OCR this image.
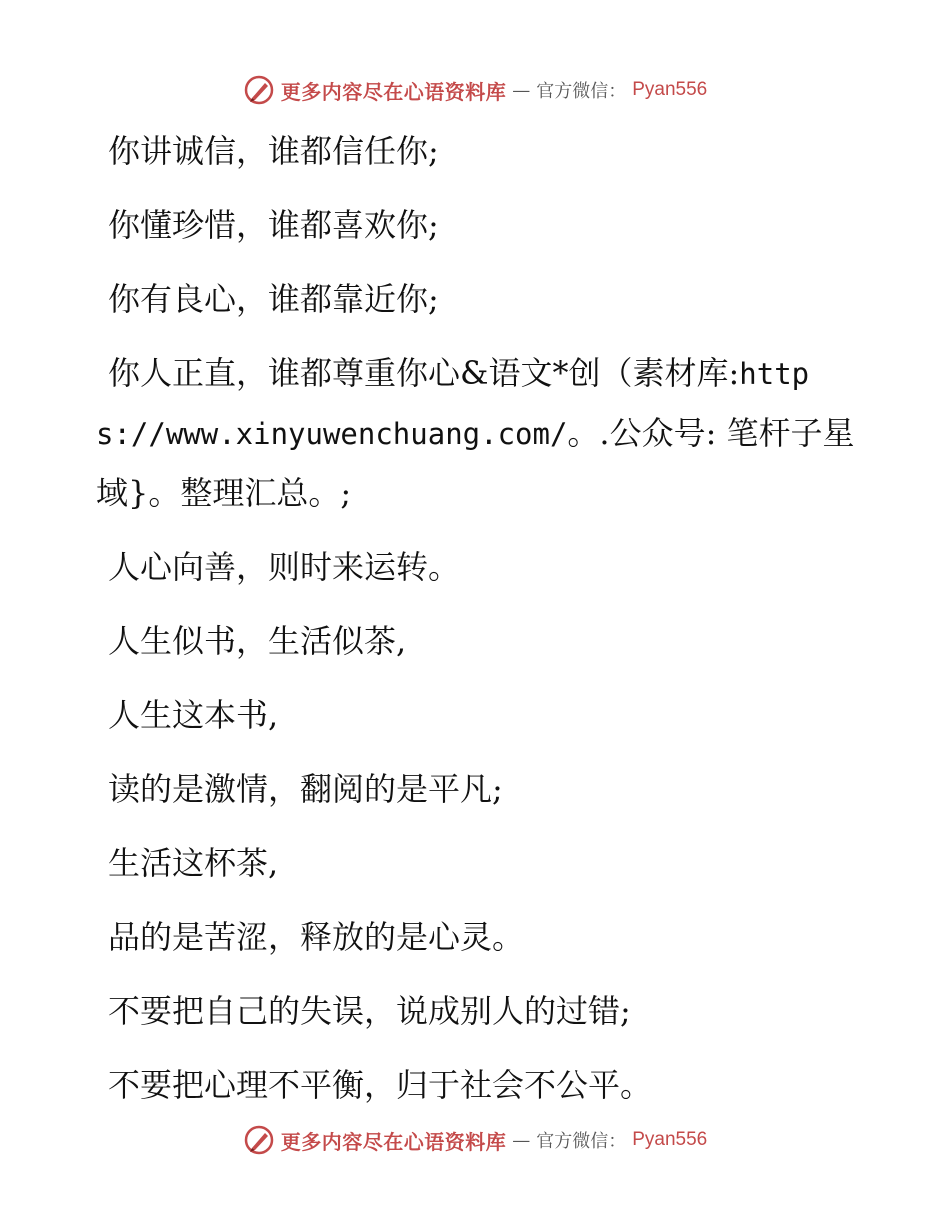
更多内容尽在心语资料库 — 官方微信： Pyan556

你讲诚信，谁都信任你;

你懂珍惜，谁都喜欢你;

你有良心，谁都靠近你;

你人正直，谁都尊重你心&语文*创（素材库:https://www.xinyuwenchuang.com/。.公众号: 笔杆子星域}。整理汇总。;

人心向善，则时来运转。

人生似书，生活似茶,

人生这本书,

读的是激情，翻阅的是平凡;

生活这杯茶,

品的是苦涩，释放的是心灵。

不要把自己的失误，说成别人的过错;

不要把心理不平衡，归于社会不公平。

更多内容尽在心语资料库 — 官方微信： Pyan556
